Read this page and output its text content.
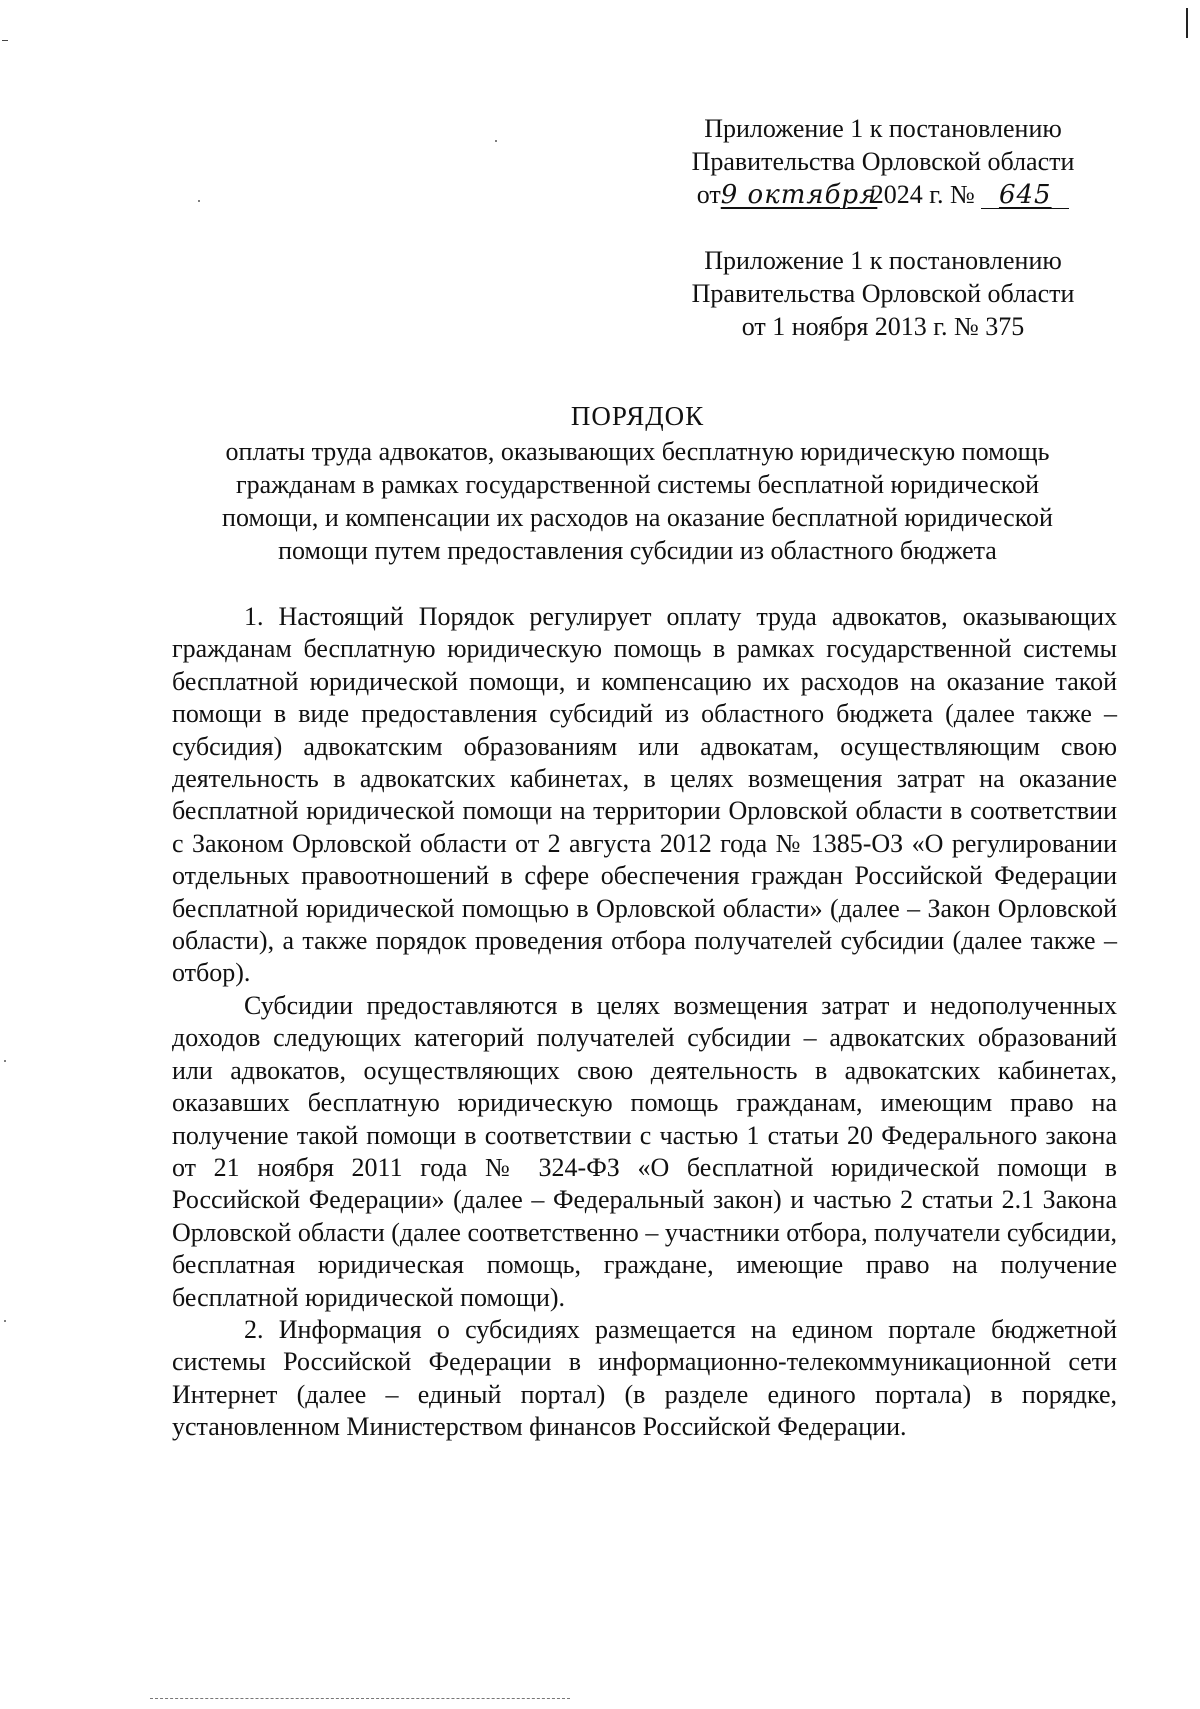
Приложение 1 к постановлению
Правительства Орловской области
от9 октября2024 г. № 645
Приложение 1 к постановлению
Правительства Орловской области
от 1 ноября 2013 г. № 375
ПОРЯДОК
оплаты труда адвокатов, оказывающих бесплатную юридическую помощь
гражданам в рамках государственной системы бесплатной юридической
помощи, и компенсации их расходов на оказание бесплатной юридической
помощи путем предоставления субсидии из областного бюджета

1. Настоящий Порядок регулирует оплату труда адвокатов, оказывающих гражданам бесплатную юридическую помощь в рамках государственной системы бесплатной юридической помощи, и компенсацию их расходов на оказание такой помощи в виде предоставления субсидий из областного бюджета (далее также – субсидия) адвокатским образованиям или адвокатам, осуществляющим свою деятельность в адвокатских кабинетах, в целях возмещения затрат на оказание бесплатной юридической помощи на территории Орловской области в соответствии с Законом Орловской области от 2 августа 2012 года № 1385-ОЗ «О регулировании отдельных правоотношений в сфере обеспечения граждан Российской Федерации бесплатной юридической помощью в Орловской области» (далее – Закон Орловской области), а также порядок проведения отбора получателей субсидии (далее также – отбор).

Субсидии предоставляются в целях возмещения затрат и недополученных доходов следующих категорий получателей субсидии – адвокатских образований или адвокатов, осуществляющих свою деятельность в адвокатских кабинетах, оказавших бесплатную юридическую помощь гражданам, имеющим право на получение такой помощи в соответствии с частью 1 статьи 20 Федерального закона от 21 ноября 2011 года № 324-ФЗ «О бесплатной юридической помощи в Российской Федерации» (далее – Федеральный закон) и частью 2 статьи 2.1 Закона Орловской области (далее соответственно – участники отбора, получатели субсидии, бесплатная юридическая помощь, граждане, имеющие право на получение бесплатной юридической помощи).

2. Информация о субсидиях размещается на едином портале бюджетной системы Российской Федерации в информационно-телекоммуникационной сети Интернет (далее – единый портал) (в разделе единого портала) в порядке, установленном Министерством финансов Российской Федерации.
